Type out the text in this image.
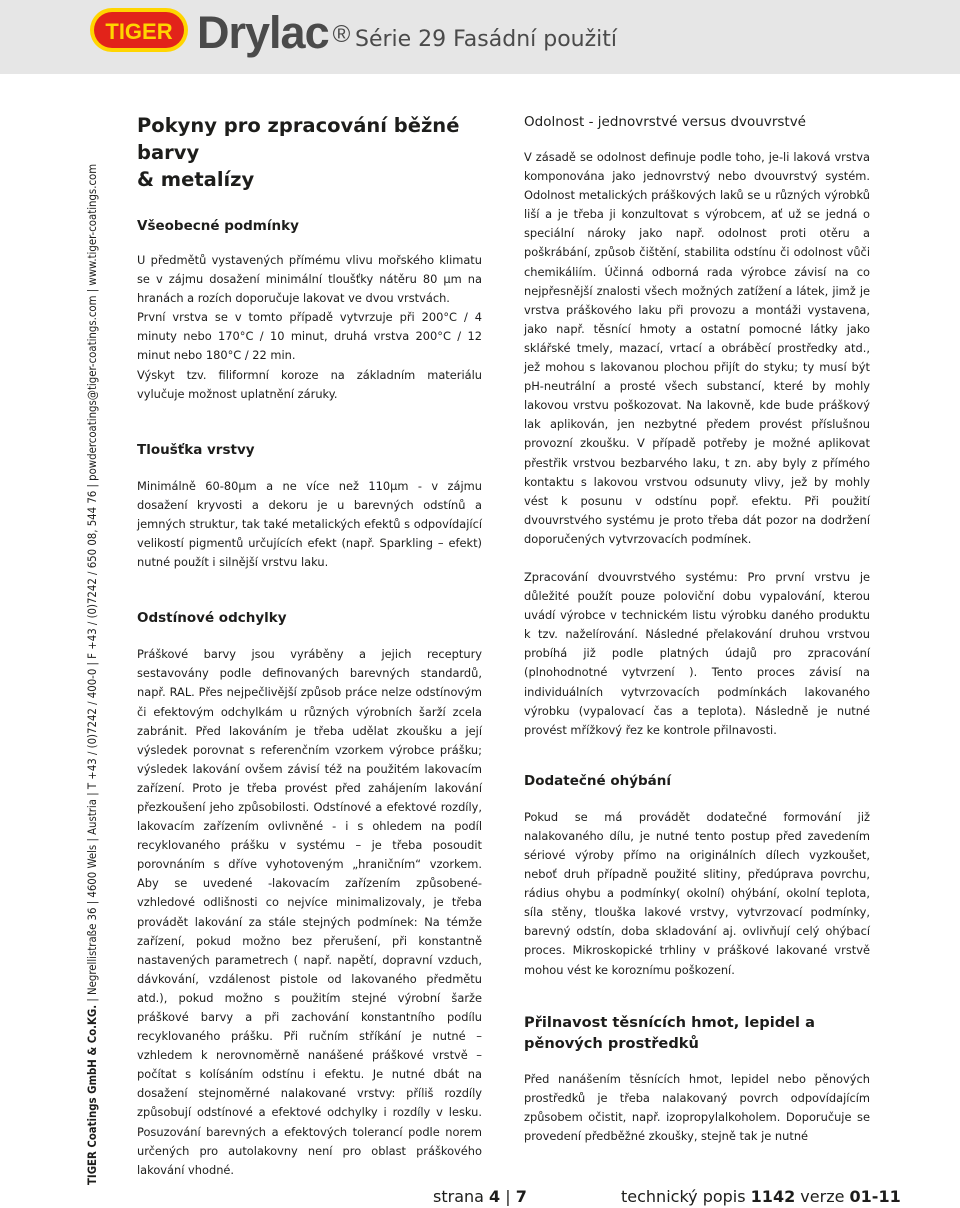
TIGER Drylac ® Série 29 Fasádní použití
TIGER Coatings GmbH & Co.KG. | Negrellistraße 36 | 4600 Wels | Austria | T +43 / (0)7242 / 400-0 | F +43 / (0)7242 / 650 08, 544 76 | powdercoatings@tiger-coatings.com | www.tiger-coatings.com
Pokyny pro zpracování běžné barvy
& metalízy
Všeobecné podmínky

U předmětů vystavených přímému vlivu mořského klimatu se v zájmu dosažení minimální tloušťky nátěru 80 µm na hranách a rozích doporučuje lakovat ve dvou vrstvách.

První vrstva se v tomto případě vytvrzuje při 200°C / 4 minuty nebo 170°C / 10 minut, druhá vrstva 200°C / 12 minut nebo 180°C / 22 min.

Výskyt tzv. filiformní koroze na základním materiálu vylučuje možnost uplatnění záruky.

Tloušťka vrstvy

Minimálně 60-80µm a ne více než 110µm - v zájmu dosažení kryvosti a dekoru je u barevných odstínů a jemných struktur, tak také metalických efektů s odpovídající velikostí pigmentů určujících efekt (např. Sparkling – efekt) nutné použít i silnější vrstvu laku.

Odstínové odchylky

Práškové barvy jsou vyráběny a jejich receptury sestavovány podle definovaných barevných standardů, např. RAL. Přes nejpečlivější způsob práce nelze odstínovým či efektovým odchylkám u různých výrobních šarží zcela zabránit. Před lakováním je třeba udělat zkoušku a její výsledek porovnat s referenčním vzorkem výrobce prášku; výsledek lakování ovšem závisí též na použitém lakovacím zařízení. Proto je třeba provést před zahájením lakování přezkoušení jeho způsobilosti. Odstínové a efektové rozdíly, lakovacím zařízením ovlivněné - i s ohledem na podíl recyklovaného prášku v systému – je třeba posoudit porovnáním s dříve vyhotoveným „hraničním“ vzorkem. Aby se uvedené -lakovacím zařízením způsobené- vzhledové odlišnosti co nejvíce minimalizovaly, je třeba provádět lakování za stále stejných podmínek: Na témže zařízení, pokud možno bez přerušení, při konstantně nastavených parametrech ( např. napětí, dopravní vzduch, dávkování, vzdálenost pistole od lakovaného předmětu atd.), pokud možno s použitím stejné výrobní šarže práškové barvy a při zachování konstantního podílu recyklovaného prášku. Při ručním stříkání je nutné – vzhledem k nerovnoměrně nanášené práškové vrstvě – počítat s kolísáním odstínu i efektu. Je nutné dbát na dosažení stejnoměrné nalakované vrstvy: příliš rozdíly způsobují odstínové a efektové odchylky i rozdíly v lesku. Posuzování barevných a efektových tolerancí podle norem určených pro autolakovny není pro oblast práškového lakování vhodné.

Odolnost - jednovrstvé versus dvouvrstvé

V zásadě se odolnost definuje podle toho, je-li laková vrstva komponována jako jednovrstvý nebo dvouvrstvý systém. Odolnost metalických práškových laků se u různých výrobků liší a je třeba ji konzultovat s výrobcem, ať už se jedná o speciální nároky jako např. odolnost proti otěru a poškrábání, způsob čištění, stabilita odstínu či odolnost vůči chemikáliím. Účinná odborná rada výrobce závisí na co nejpřesnější znalosti všech možných zatížení a látek, jimž je vrstva práškového laku při provozu a montáži vystavena, jako např. těsnící hmoty a ostatní pomocné látky jako sklářské tmely, mazací, vrtací a obráběcí prostředky atd., jež mohou s lakovanou plochou přijít do styku; ty musí být pH-neutrální a prosté všech substancí, které by mohly lakovou vrstvu poškozovat. Na lakovně, kde bude práškový lak aplikován, jen nezbytné předem provést příslušnou provozní zkoušku. V případě potřeby je možné aplikovat přestřik vrstvou bezbarvého laku, t zn. aby byly z přímého kontaktu s lakovou vrstvou odsunuty vlivy, jež by mohly vést k posunu v odstínu popř. efektu. Při použití dvouvrstvého systému je proto třeba dát pozor na dodržení doporučených vytvrzovacích podmínek.

Zpracování dvouvrstvého systému: Pro první vrstvu je důležité použít pouze poloviční dobu vypalování, kterou uvádí výrobce v technickém listu výrobku daného produktu k tzv. naželírování. Následné přelakování druhou vrstvou probíhá již podle platných údajů pro zpracování (plnohodnotné vytvrzení ). Tento proces závisí na individuálních vytvrzovacích podmínkách lakovaného výrobku (vypalovací čas a teplota). Následně je nutné provést mřížkový řez ke kontrole přilnavosti.

Dodatečné ohýbání

Pokud se má provádět dodatečné formování již nalakovaného dílu, je nutné tento postup před zavedením sériové výroby přímo na originálních dílech vyzkoušet, neboť druh případně použité slitiny, předúprava povrchu, rádius ohybu a podmínky( okolní) ohýbání, okolní teplota, síla stěny, tlouška lakové vrstvy, vytvrzovací podmínky, barevný odstín, doba skladování aj. ovlivňují celý ohýbací proces. Mikroskopické trhliny v práškové lakované vrstvě mohou vést ke koroznímu poškození.

Přilnavost těsnících hmot, lepidel a pěnových prostředků

Před nanášením těsnících hmot, lepidel nebo pěnových prostředků je třeba nalakovaný povrch odpovídajícím způsobem očistit, např. izopropylalkoholem. Doporučuje se provedení předběžné zkoušky, stejně tak je nutné

strana 4 | 7	technický popis 1142 verze 01-11
